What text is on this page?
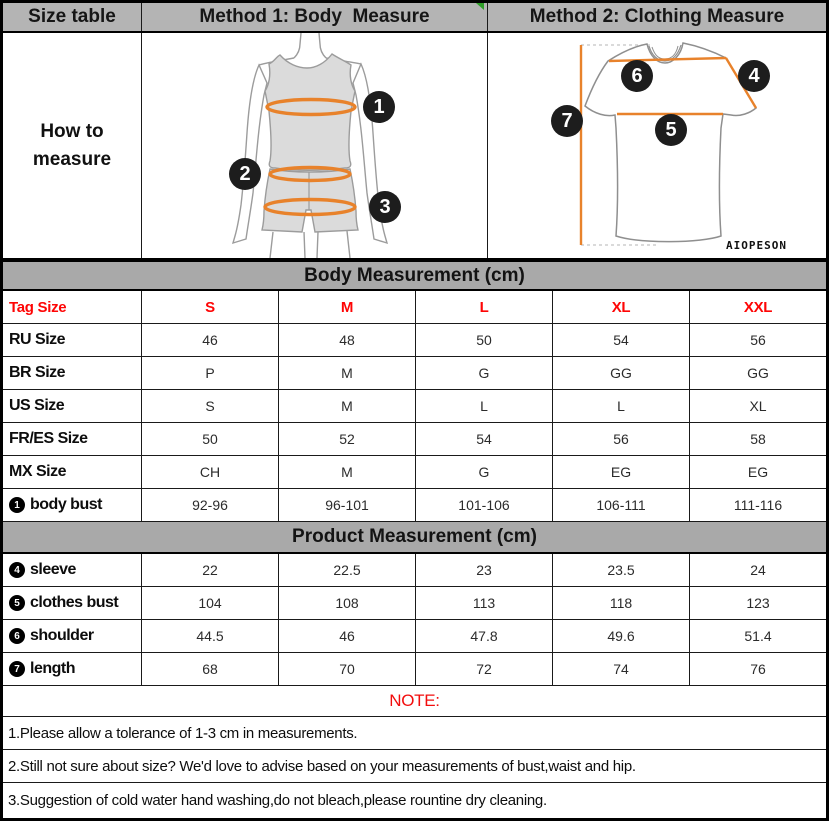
Size table	Method 1: Body  Measure	Method 2: Clothing Measure
How to measure
1
2
3
6	4
7	5
AIOPESON
Body Measurement (cm)
Tag Size	S	M	L	XL	XXL
RU Size	46	48	50	54	56
BR Size	P	M	G	GG	GG
US Size	S	M	L	L	XL
FR/ES Size	50	52	54	56	58
MX Size	CH	M	G	EG	EG
1 body bust	92-96	96-101	101-106	106-111	111-116
Product Measurement (cm)
4 sleeve	22	22.5	23	23.5	24
5 clothes bust	104	108	113	118	123
6 shoulder	44.5	46	47.8	49.6	51.4
7 length	68	70	72	74	76
NOTE:
1.Please allow a tolerance of 1-3 cm in measurements.
2.Still not sure about size? We'd love to advise based on your measurements of bust,waist and hip.
3.Suggestion of cold water hand washing,do not bleach,please rountine dry cleaning.
